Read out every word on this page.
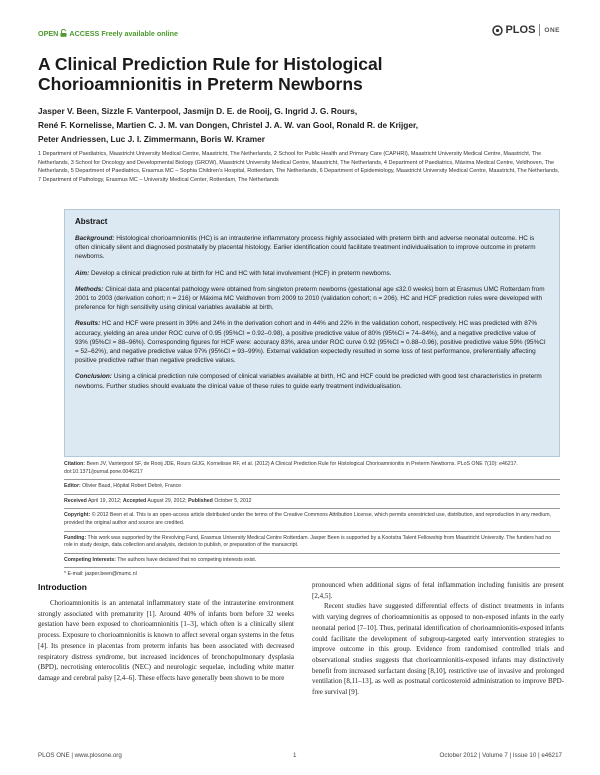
OPEN ACCESS Freely available online	PLOS ONE
A Clinical Prediction Rule for Histological Chorioamnionitis in Preterm Newborns
Jasper V. Been, Sizzle F. Vanterpool, Jasmijn D. E. de Rooij, G. Ingrid J. G. Rours,
René F. Kornelisse, Martien C. J. M. van Dongen, Christel J. A. W. van Gool, Ronald R. de Krijger,
Peter Andriessen, Luc J. I. Zimmermann, Boris W. Kramer
1 Department of Paediatrics, Maastricht University Medical Centre, Maastricht, The Netherlands, 2 School for Public Health and Primary Care (CAPHRI), Maastricht University Medical Centre, Maastricht, The Netherlands, 3 School for Oncology and Developmental Biology (GROW), Maastricht University Medical Centre, Maastricht, The Netherlands, 4 Department of Paediatrics, Máxima Medical Centre, Veldhoven, The Netherlands, 5 Department of Paediatrics, Erasmus MC – Sophia Children's Hospital, Rotterdam, The Netherlands, 6 Department of Epidemiology, Maastricht University Medical Centre, Maastricht, The Netherlands, 7 Department of Pathology, Erasmus MC – University Medical Center, Rotterdam, The Netherlands
Abstract

Background: Histological chorioamnionitis (HC) is an intrauterine inflammatory process highly associated with preterm birth and adverse neonatal outcome. HC is often clinically silent and diagnosed postnatally by placental histology. Earlier identification could facilitate treatment individualisation to improve outcome in preterm newborns.

Aim: Develop a clinical prediction rule at birth for HC and HC with fetal involvement (HCF) in preterm newborns.

Methods: Clinical data and placental pathology were obtained from singleton preterm newborns (gestational age ≤32.0 weeks) born at Erasmus UMC Rotterdam from 2001 to 2003 (derivation cohort; n = 216) or Máxima MC Veldhoven from 2009 to 2010 (validation cohort; n = 206). HC and HCF prediction rules were developed with preference for high sensitivity using clinical variables available at birth.

Results: HC and HCF were present in 39% and 24% in the derivation cohort and in 44% and 22% in the validation cohort, respectively. HC was predicted with 87% accuracy, yielding an area under ROC curve of 0.95 (95%CI = 0.92–0.98), a positive predictive value of 80% (95%CI = 74–84%), and a negative predictive value of 93% (95%CI = 88–96%). Corresponding figures for HCF were: accuracy 83%, area under ROC curve 0.92 (95%CI = 0.88–0.96), positive predictive value 59% (95%CI = 52–62%), and negative predictive value 97% (95%CI = 93–99%). External validation expectedly resulted in some loss of test performance, preferentially affecting positive predictive rather than negative predictive values.

Conclusion: Using a clinical prediction rule composed of clinical variables available at birth, HC and HCF could be predicted with good test characteristics in preterm newborns. Further studies should evaluate the clinical value of these rules to guide early treatment individualisation.

Citation: Been JV, Vanterpool SF, de Rooij JDE, Rours GIJG, Kornelisse RF, et al. (2012) A Clinical Prediction Rule for Histological Chorioamnionitis in Preterm Newborns. PLoS ONE 7(10): e46217. doi:10.1371/journal.pone.0046217

Editor: Olivier Baud, Hôpital Robert Debré, France

Received April 19, 2012; Accepted August 29, 2012; Published October 5, 2012

Copyright: © 2012 Been et al. This is an open-access article distributed under the terms of the Creative Commons Attribution License, which permits unrestricted use, distribution, and reproduction in any medium, provided the original author and source are credited.

Funding: This work was supported by the Revolving Fund, Erasmus University Medical Centre Rotterdam. Jasper Been is supported by a Kootstra Talent Fellowship from Maastricht University. The funders had no role in study design, data collection and analysis, decision to publish, or preparation of the manuscript.

Competing Interests: The authors have declared that no competing interests exist.

* E-mail: jasper.been@mumc.nl

Introduction

Chorioamnionitis is an antenatal inflammatory state of the intrauterine environment strongly associated with prematurity [1]. Around 40% of infants born before 32 weeks gestation have been exposed to chorioamnionitis [1–3], which often is a clinically silent process. Exposure to chorioamnionitis is known to affect several organ systems in the fetus [4]. Its presence in placentas from preterm infants has been associated with decreased respiratory distress syndrome, but increased incidences of bronchopulmonary dysplasia (BPD), necrotising enterocolitis (NEC) and neurologic sequelae, including white matter damage and cerebral palsy [2,4–6]. These effects have generally been shown to be more

pronounced when additional signs of fetal inflammation including funisitis are present [2,4,5].

Recent studies have suggested differential effects of distinct treatments in infants with varying degrees of chorioamnionitis as opposed to non-exposed infants in the early neonatal period [7–10]. Thus, perinatal identification of chorioamnionitis-exposed infants could facilitate the development of subgroup-targeted early intervention strategies to improve outcome in this group. Evidence from randomised controlled trials and observational studies suggests that chorioamnionitis-exposed infants may distinctively benefit from increased surfactant dosing [8,10], restrictive use of invasive and prolonged ventilation [8,11–13], as well as postnatal corticosteroid administration to improve BPD-free survival [9].

PLOS ONE | www.plosone.org	1	October 2012 | Volume 7 | Issue 10 | e46217
